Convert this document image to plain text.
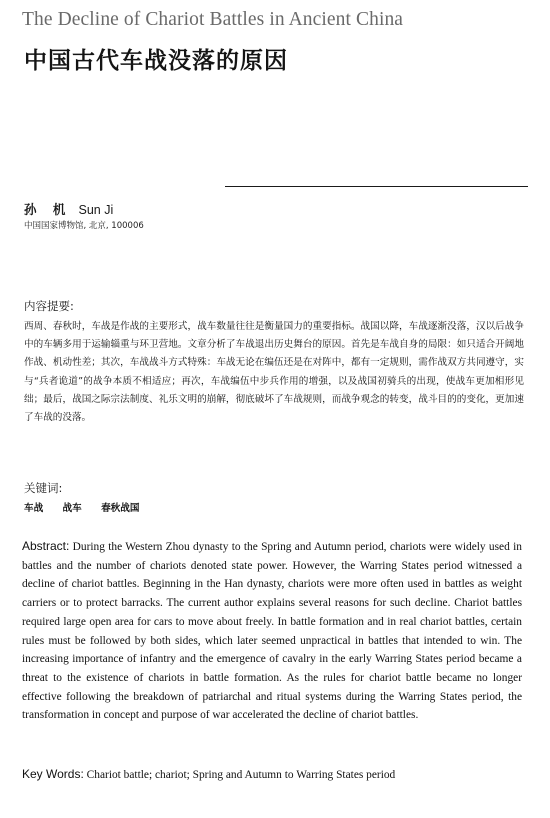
The Decline of Chariot Battles in Ancient China
中国古代车战没落的原因
孙 机 Sun Ji
中国国家博物馆, 北京, 100006
内容提要:

西周、春秋时，车战是作战的主要形式，战车数量往往是衡量国力的重要指标。战国以降，车战逐渐没落，汉以后战争中的车辆多用于运输辎重与环卫营地。文章分析了车战退出历史舞台的原因。首先是车战自身的局限：如只适合开阔地作战、机动性差；其次，车战战斗方式特殊：车战无论在编伍还是在对阵中，都有一定规则，需作战双方共同遵守，实与“兵者诡道”的战争本质不相适应；再次，车战编伍中步兵作用的增强，以及战国初骑兵的出现，使战车更加相形见绌；最后，战国之际宗法制度、礼乐文明的崩解，彻底破坏了车战规则，而战争观念的转变，战斗目的的变化，更加速了车战的没落。

关键词:
车战 战车 春秋战国

Abstract: During the Western Zhou dynasty to the Spring and Autumn period, chariots were widely used in battles and the number of chariots denoted state power. However, the Warring States period witnessed a decline of chariot battles. Beginning in the Han dynasty, chariots were more often used in battles as weight carriers or to protect barracks. The current author explains several reasons for such decline. Chariot battles required large open area for cars to move about freely. In battle formation and in real chariot battles, certain rules must be followed by both sides, which later seemed unpractical in battles that intended to win. The increasing importance of infantry and the emergence of cavalry in the early Warring States period became a threat to the existence of chariots in battle formation. As the rules for chariot battle became no longer effective following the breakdown of patriarchal and ritual systems during the Warring States period, the transformation in concept and purpose of war accelerated the decline of chariot battles.

Key Words: Chariot battle; chariot; Spring and Autumn to Warring States period
